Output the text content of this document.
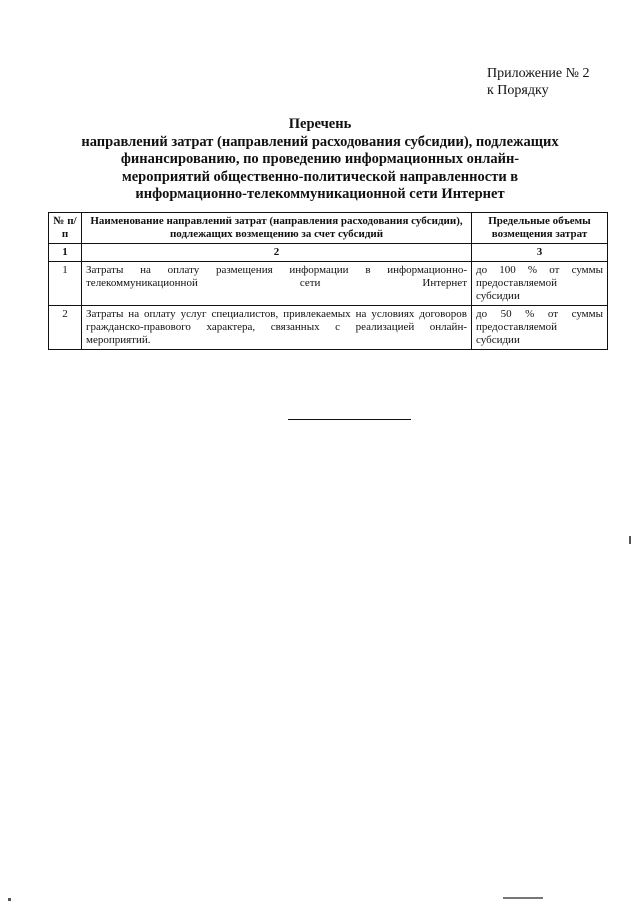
Приложение № 2
к Порядку
Перечень
направлений затрат (направлений расходования субсидии), подлежащих
финансированию, по проведению информационных онлайн-
мероприятий общественно-политической направленности в
информационно-телекоммуникационной сети Интернет
№ п/п	Наименование направлений затрат (направления расходования субсидии), подлежащих возмещению за счет субсидий	Предельные объемы возмещения затрат
1	2	3
1	Затраты на оплату размещения информации в информационно-телекоммуникационной сети Интернет	до 100 % от суммы предоставляемой субсидии
2	Затраты на оплату услуг специалистов, привлекаемых на условиях договоров гражданско-правового характера, связанных с реализацией онлайн-мероприятий.	до 50 % от суммы предоставляемой субсидии
